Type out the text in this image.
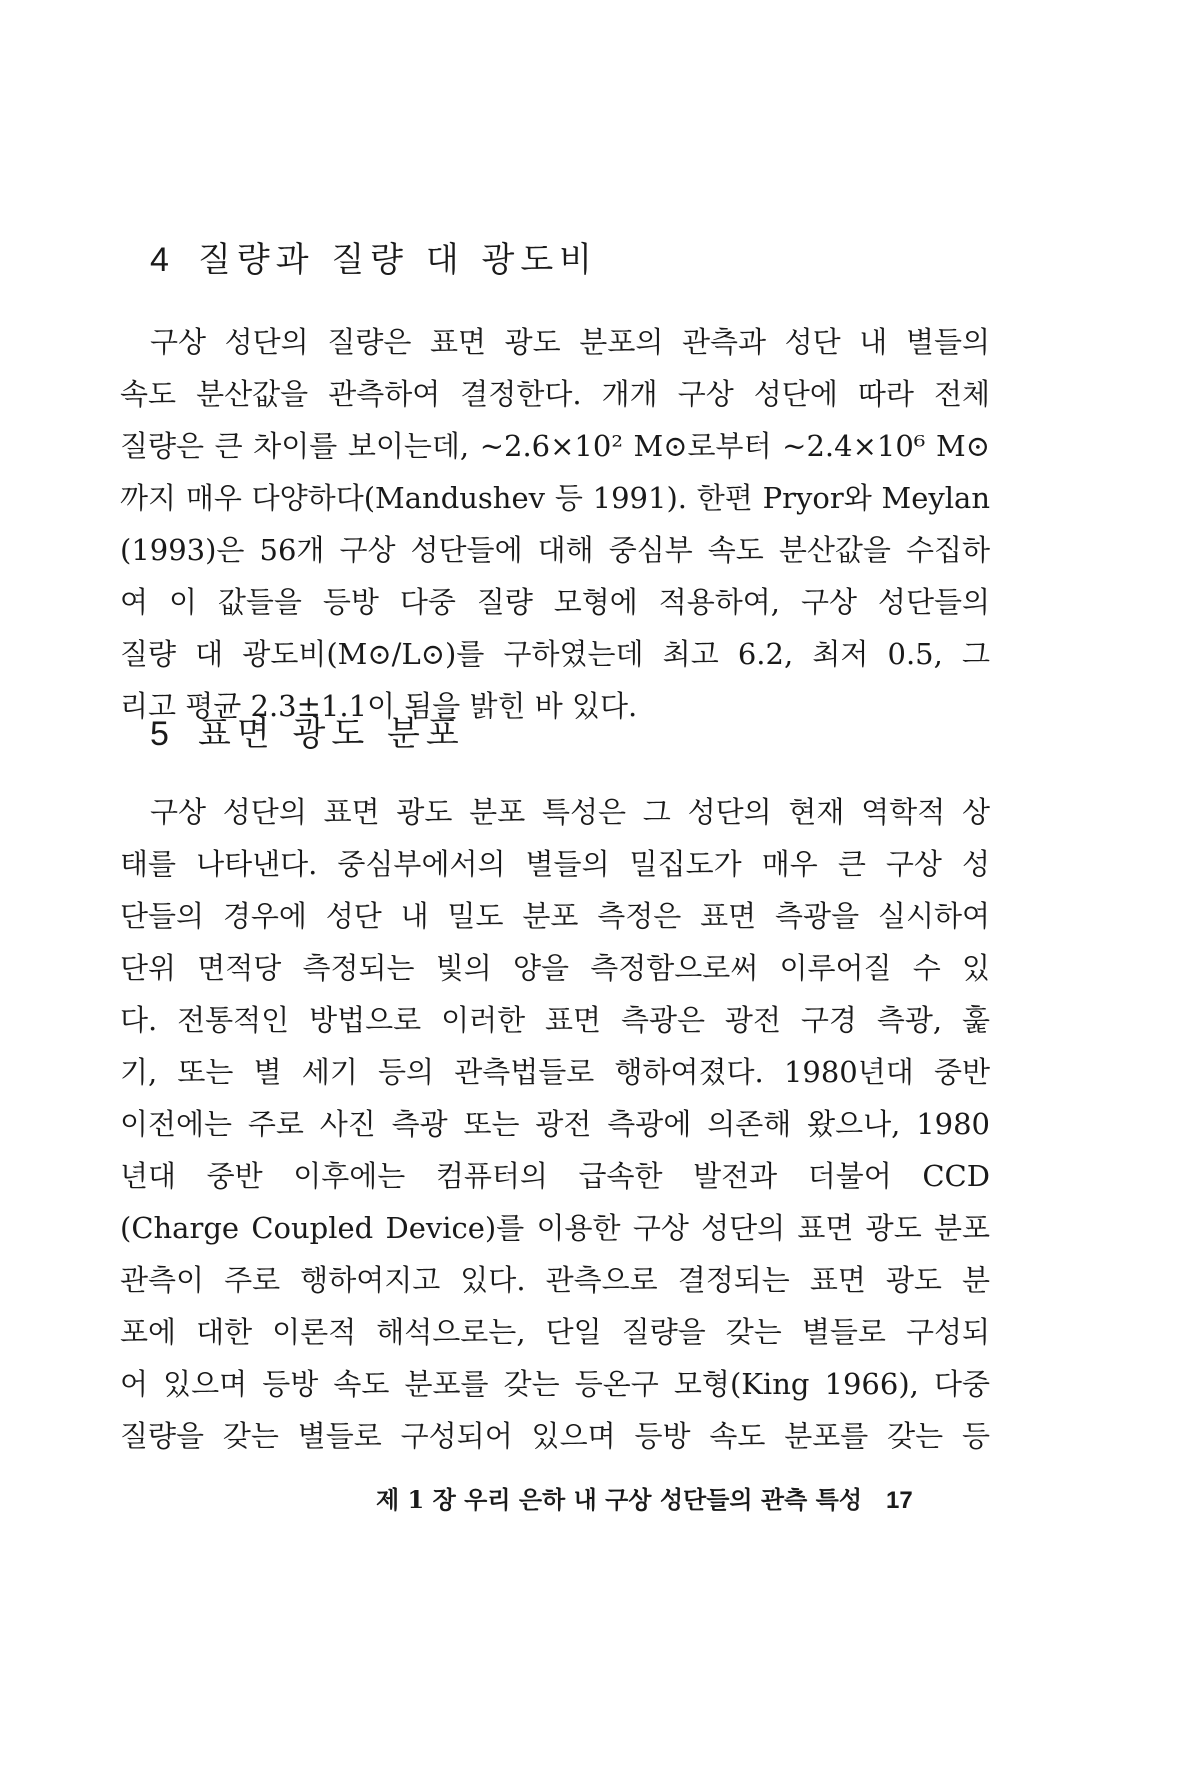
4 질량과 질량 대 광도비
구상 성단의 질량은 표면 광도 분포의 관측과 성단 내 별들의
속도 분산값을 관측하여 결정한다. 개개 구상 성단에 따라 전체
질량은 큰 차이를 보이는데, ~2.6×10² M⊙로부터 ~2.4×10⁶ M⊙
까지 매우 다양하다(Mandushev 등 1991). 한편 Pryor와 Meylan
(1993)은 56개 구상 성단들에 대해 중심부 속도 분산값을 수집하
여 이 값들을 등방 다중 질량 모형에 적용하여, 구상 성단들의
질량 대 광도비(M⊙/L⊙)를 구하였는데 최고 6.2, 최저 0.5, 그
리고 평균 2.3±1.1이 됨을 밝힌 바 있다.
5 표면 광도 분포
구상 성단의 표면 광도 분포 특성은 그 성단의 현재 역학적 상
태를 나타낸다. 중심부에서의 별들의 밀집도가 매우 큰 구상 성
단들의 경우에 성단 내 밀도 분포 측정은 표면 측광을 실시하여
단위 면적당 측정되는 빛의 양을 측정함으로써 이루어질 수 있
다. 전통적인 방법으로 이러한 표면 측광은 광전 구경 측광, 훑
기, 또는 별 세기 등의 관측법들로 행하여졌다. 1980년대 중반
이전에는 주로 사진 측광 또는 광전 측광에 의존해 왔으나, 1980
년대 중반 이후에는 컴퓨터의 급속한 발전과 더불어 CCD
(Charge Coupled Device)를 이용한 구상 성단의 표면 광도 분포
관측이 주로 행하여지고 있다. 관측으로 결정되는 표면 광도 분
포에 대한 이론적 해석으로는, 단일 질량을 갖는 별들로 구성되
어 있으며 등방 속도 분포를 갖는 등온구 모형(King 1966), 다중
질량을 갖는 별들로 구성되어 있으며 등방 속도 분포를 갖는 등
제 1 장 우리 은하 내 구상 성단들의 관측 특성 17
